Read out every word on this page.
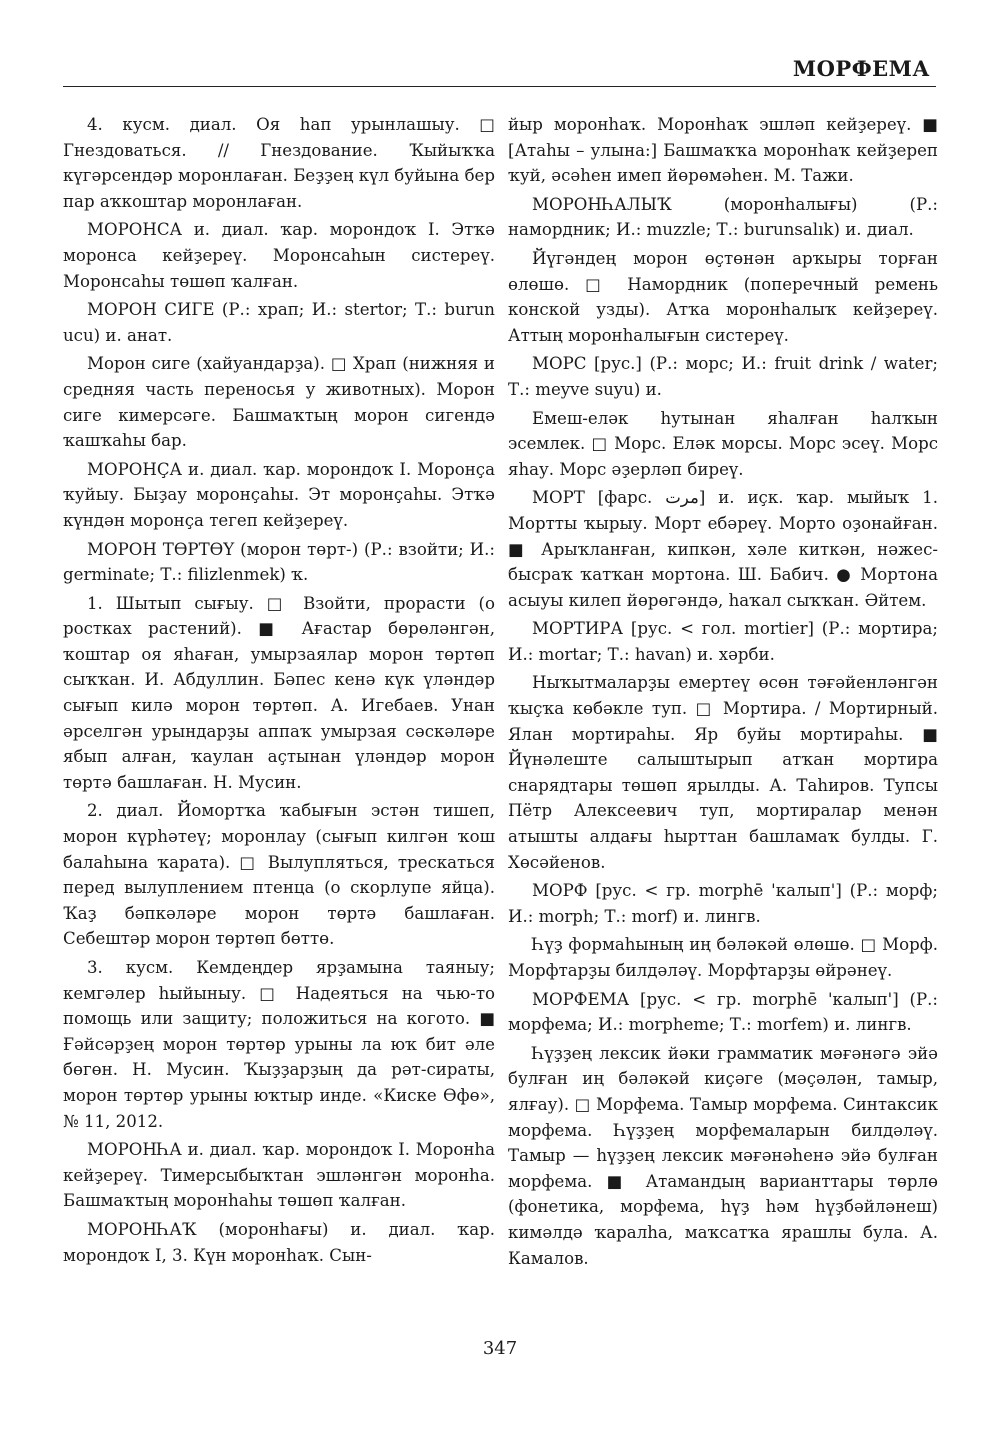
МОРФЕМА

4. кусм. диал. Оя һап урынлашыу. □ Гнездоваться. // Гнездование. Ҡыйыҡҡа күгәрсендәр моронлаған. Беҙҙең күл буйына бер пар аҡкоштар моронлаған.

МОРОНСА и. диал. ҡар. морондоҡ I. Этҡә моронса кейҙереү. Моронсаһын систереү. Моронсаһы төшөп ҡалған.

МОРОН СИГЕ (Р.: храп; И.: stertor; Т.: burun ucu) и. анат.

Морон сиге (хайуандарҙа). □ Храп (нижняя и средняя часть переносья у животных). Морон сиге кимерсәге. Башмаҡтың морон сигендә ҡашҡаһы бар.

МОРОНҪА и. диал. ҡар. морондоҡ I. Моронҫа ҡуйыу. Быҙау моронҫаһы. Эт моронҫаһы. Этҡә күндән моронҫа тегеп кейҙереү.

МОРОН ТӨРТӨҮ (морон төрт-) (Р.: взойти; И.: germinate; Т.: filizlenmek) ҡ.

1. Шытып сығыу. □ Взойти, прорасти (о ростках растений). ■ Ағастар бөрөләнгән, ҡоштар оя яһаған, умырзаялар морон төртөп сыҡҡан. И. Абдуллин. Бәпес кенә күк үләндәр сығып килә морон төртөп. А. Игебаев. Унан әрселгән урындарҙы аппаҡ умырзая сәскәләре ябып алған, ҡаулан аҫтынан үләндәр морон төртә башлаған. Н. Мусин.

2. диал. Йомортҡа ҡабығын эстән тишеп, морон күрһәтеү; моронлау (сығып килгән ҡош балаһына ҡарата). □ Вылупляться, трескаться перед вылуплением птенца (о скорлупе яйца). Ҡаҙ бәпкәләре морон төртә башлаған. Себештәр морон төртөп бөттө.

3. кусм. Кемдеңдер ярҙамына таяныу; кемгәлер һыйыныу. □ Надеяться на чью-то помощь или защиту; положиться на когото. ■ Ғәйсәрҙең морон төртөр урыны ла юҡ бит әле бөгөн. Н. Мусин. Ҡыҙҙарҙың да рәт-сираты, морон төртөр урыны юҡтыр инде. «Киске Өфө», № 11, 2012.

МОРОНҺА и. диал. ҡар. морондоҡ I. Моронһа кейҙереү. Тимерсыбыҡтан эшләнгән моронһа. Башмаҡтың моронһаһы төшөп ҡалған.

МОРОНҺАҠ (моронһағы) и. диал. ҡар. морондоҡ I, 3. Күн моронһаҡ. Сын-

йыр моронһаҡ. Моронһаҡ эшләп кейҙереү. ■ [Атаһы – улына:] Башмаҡҡа моронһаҡ кейҙереп ҡуй, әсәһен имеп йөрөмәһен. М. Тажи.

МОРОНҺАЛЫҠ (моронһалығы) (Р.: намордник; И.: muzzle; Т.: burunsalık) и. диал.

Йүгәндең морон өҫтөнән арҡыры торған өлөшө. □ Намордник (поперечный ремень конской узды). Атҡа моронһалыҡ кейҙереү. Аттың моронһалығын систереү.

МОРС [рус.] (Р.: морс; И.: fruit drink / water; Т.: meyve suyu) и.

Емеш-еләк һутынан яһалған һалҡын эсемлек. □ Морс. Еләк морсы. Морс эсеү. Морс яһау. Морс әҙерләп биреү.

МОРТ [фарс. مرت] и. иҫк. ҡар. мыйыҡ 1. Мортты ҡырыу. Морт ебәреү. Морто оҙонайған. ■ Арыҡланған, кипкән, хәле киткән, нәжес-бысраҡ ҡатҡан мортона. Ш. Бабич. ● Мортона асыуы килеп йөрөгәндә, һаҡал сыҡҡан. Әйтем.

МОРТИРА [рус. < гол. mortier] (Р.: мортира; И.: mortar; Т.: havan) и. хәрби.

Ныҡытмаларҙы емертеү өсөн тәғәйенләнгән ҡыҫҡа көбәкле туп. □ Мортира. / Мортирный. Ялан мортираһы. Яр буйы мортираһы. ■ Йүнәлеште салыштырып атҡан мортира снарядтары төшөп ярылды. А. Таһиров. Тупсы Пётр Алексеевич туп, мортиралар менән атышты алдағы һырттан башламаҡ булды. Г. Хөсәйенов.

МОРФ [рус. < гр. morphē 'калып'] (Р.: морф; И.: morph; Т.: morf) и. лингв.

Һүҙ формаһының иң бәләкәй өлөшө. □ Морф. Морфтарҙы билдәләү. Морфтарҙы өйрәнеү.

МОРФЕМА [рус. < гр. morphē 'калып'] (Р.: морфема; И.: morpheme; Т.: morfem) и. лингв.

Һүҙҙең лексик йәки грамматик мәғәнәгә эйә булған иң бәләкәй киҫәге (мәҫәлән, тамыр, ялғау). □ Морфема. Тамыр морфема. Синтаксик морфема. Һүҙҙең морфемаларын билдәләү. Тамыр — һүҙҙең лексик мәғәнәһенә эйә булған морфема. ■ Атамандың варианттары төрлө (фонетика, морфема, һүҙ һәм һүҙбәйләнеш) кимәлдә ҡаралһа, маҡсатҡа ярашлы була. А. Камалов.

347
